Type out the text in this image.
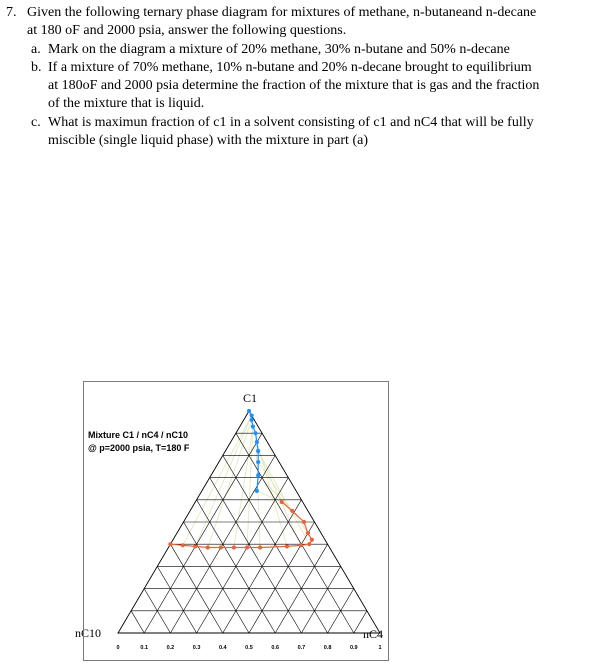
7. Given the following ternary phase diagram for mixtures of methane, n-butaneand n-decane
at 180 oF and 2000 psia, answer the following questions.
a. Mark on the diagram a mixture of 20% methane, 30% n-butane and 50% n-decane
b. If a mixture of 70% methane, 10% n-butane and 20% n-decane brought to equilibrium
at 180oF and 2000 psia determine the fraction of the mixture that is gas and the fraction
of the mixture that is liquid.
c. What is maximun fraction of c1 in a solvent consisting of c1 and nC4 that will be fully
miscible (single liquid phase) with the mixture in part (a)
C1
nC10	nC4
Mixture C1 / nC4 / nC10
@ p=2000 psia, T=180 F
0	0.1	0.2	0.3	0.4	0.5	0.6	0.7	0.8	0.9	1
